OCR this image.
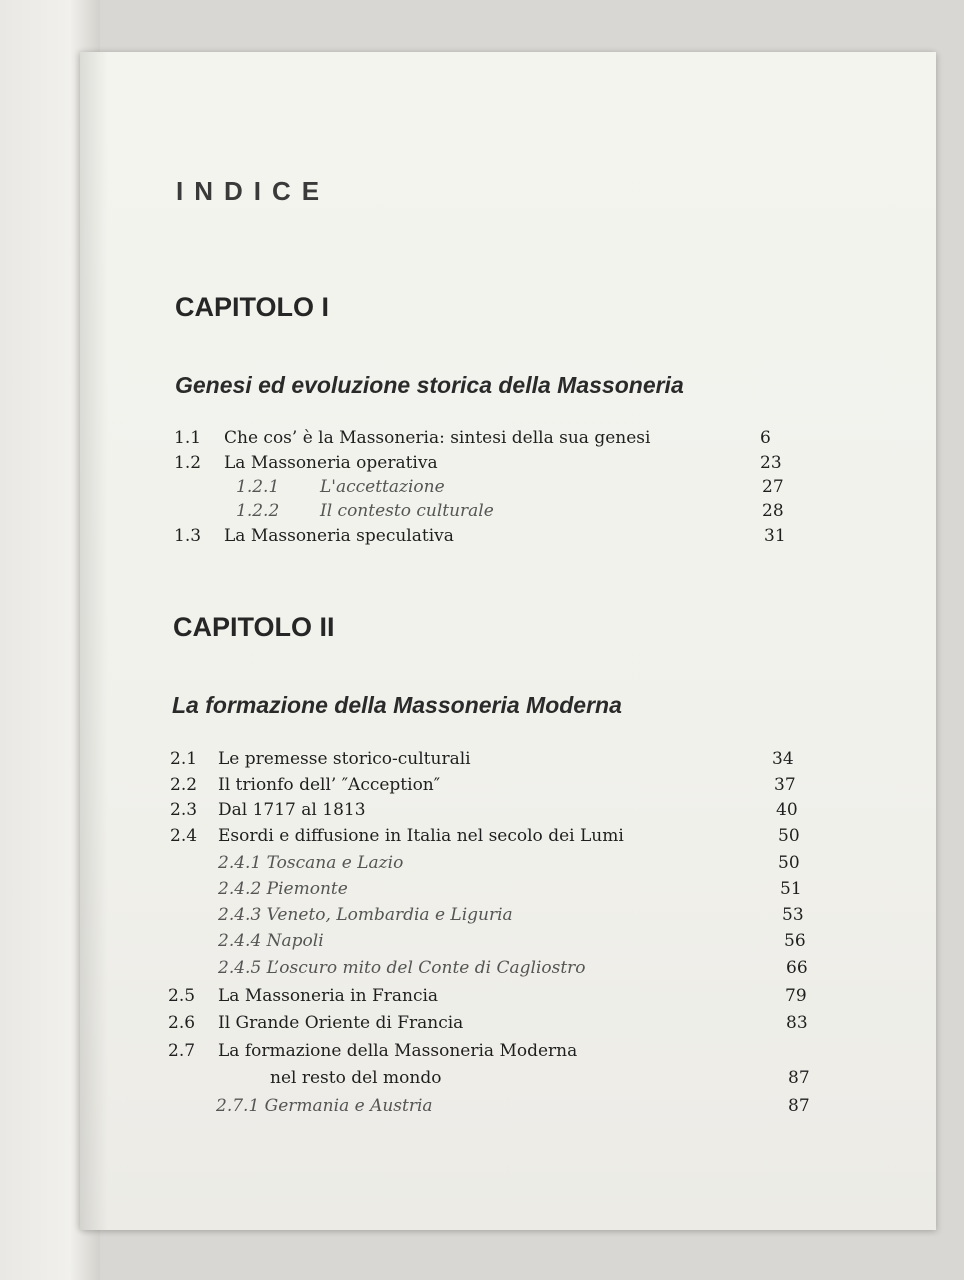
INDICE
CAPITOLO I
Genesi ed evoluzione storica della Massoneria
1.1 Che cos’ è la Massoneria: sintesi della sua genesi	6
1.2 La Massoneria operativa	23
1.2.1 L'accettazione	27
1.2.2 Il contesto culturale	28
1.3 La Massoneria speculativa	31
CAPITOLO II
La formazione della Massoneria Moderna
2.1 Le premesse storico-culturali	34
2.2 Il trionfo dell’ ″Acception″	37
2.3 Dal 1717 al 1813	40
2.4 Esordi e diffusione in Italia nel secolo dei Lumi	50
2.4.1 Toscana e Lazio	50
2.4.2 Piemonte	51
2.4.3 Veneto, Lombardia e Liguria	53
2.4.4 Napoli	56
2.4.5 L’oscuro mito del Conte di Cagliostro	66
2.5 La Massoneria in Francia	79
2.6 Il Grande Oriente di Francia	83
2.7 La formazione della Massoneria Moderna
nel resto del mondo	87
2.7.1 Germania e Austria	87
